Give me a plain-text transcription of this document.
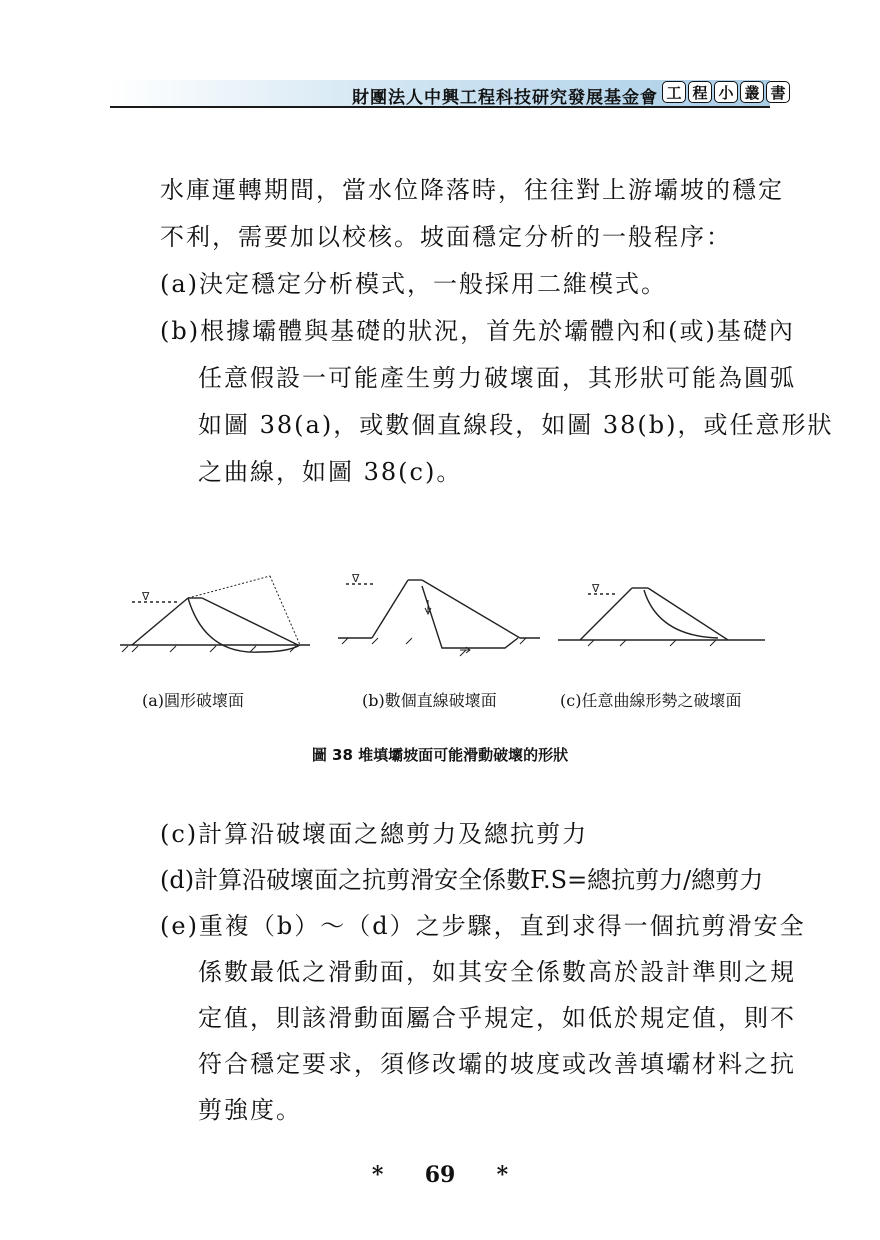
財團法人中興工程科技研究發展基金會 工 程 小 叢 書
水庫運轉期間，當水位降落時，往往對上游壩坡的穩定
不利，需要加以校核。坡面穩定分析的一般程序：
(a)決定穩定分析模式，一般採用二維模式。
(b)根據壩體與基礎的狀況，首先於壩體內和(或)基礎內
任意假設一可能產生剪力破壞面，其形狀可能為圓弧
如圖 38(a)，或數個直線段，如圖 38(b)，或任意形狀
之曲線，如圖 38(c)。
∇
∇
∇
(a)圓形破壞面	(b)數個直線破壞面	(c)任意曲線形勢之破壞面
圖 38 堆填壩坡面可能滑動破壞的形狀
(c)計算沿破壞面之總剪力及總抗剪力
(d)計算沿破壞面之抗剪滑安全係數F.S=總抗剪力/總剪力
(e)重複（b）～（d）之步驟，直到求得一個抗剪滑安全
係數最低之滑動面，如其安全係數高於設計準則之規
定值，則該滑動面屬合乎規定，如低於規定值，則不
符合穩定要求，須修改壩的坡度或改善填壩材料之抗
剪強度。
* 69 *
